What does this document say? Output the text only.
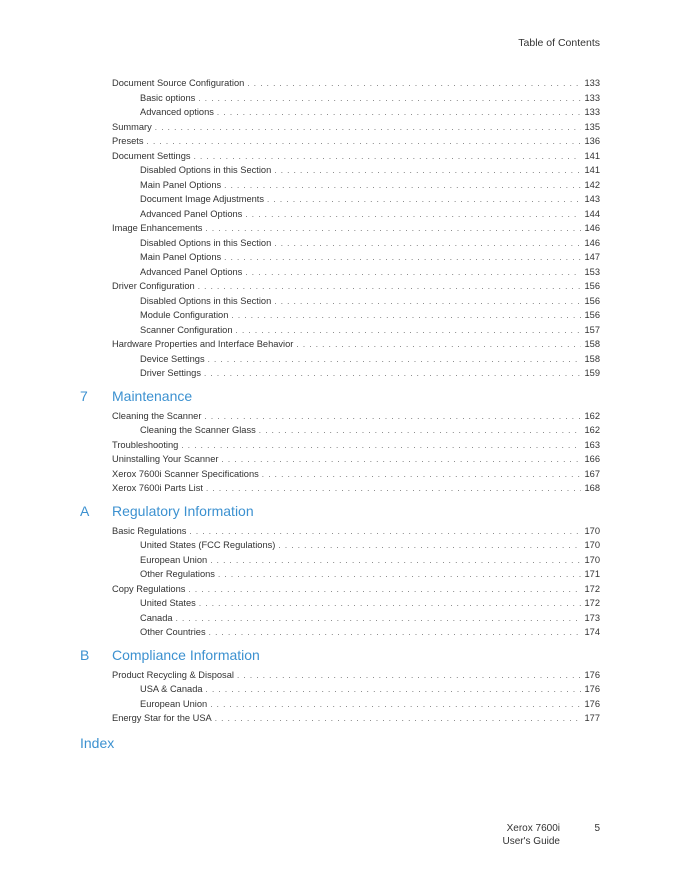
Table of Contents
Document Source Configuration . . .	133
Basic options . . .	133
Advanced options . . .	133
Summary . . .	135
Presets . . .	136
Document Settings . . .	141
Disabled Options in this Section . . .	141
Main Panel Options . . .	142
Document Image Adjustments . . .	143
Advanced Panel Options . . .	144
Image Enhancements . . .	146
Disabled Options in this Section . . .	146
Main Panel Options . . .	147
Advanced Panel Options . . .	153
Driver Configuration . . .	156
Disabled Options in this Section . . .	156
Module Configuration . . .	156
Scanner Configuration . . .	157
Hardware Properties and Interface Behavior . . .	158
Device Settings . . .	158
Driver Settings . . .	159
7	Maintenance
Cleaning the Scanner . . .	162
Cleaning the Scanner Glass . . .	162
Troubleshooting . . .	163
Uninstalling Your Scanner . . .	166
Xerox 7600i Scanner Specifications . . .	167
Xerox 7600i Parts List . . .	168
A	Regulatory Information
Basic Regulations . . .	170
United States (FCC Regulations) . . .	170
European Union . . .	170
Other Regulations . . .	171
Copy Regulations . . .	172
United States . . .	172
Canada . . .	173
Other Countries . . .	174
B	Compliance Information
Product Recycling & Disposal . . .	176
USA & Canada . . .	176
European Union . . .	176
Energy Star for the USA . . .	177
Index
Xerox 7600i
User's Guide
5
